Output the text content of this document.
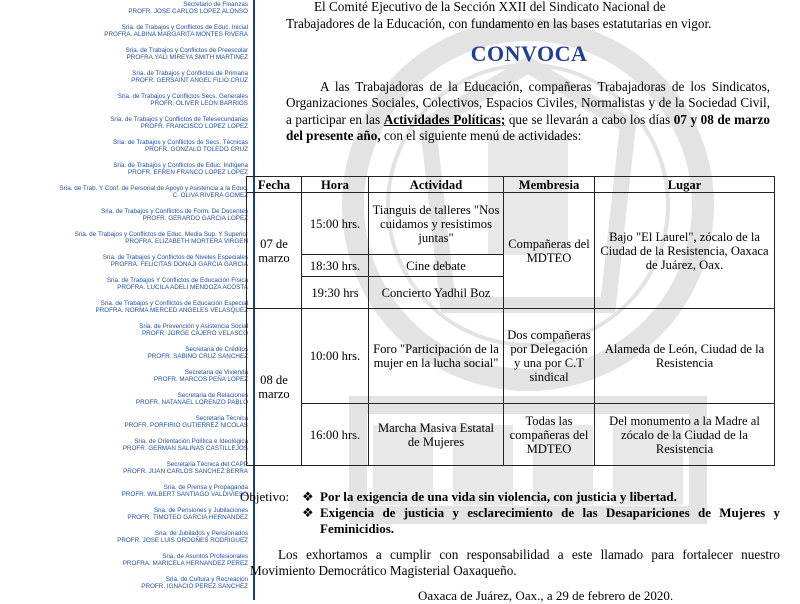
Secretario de Finanzas
PROFR. JOSE CARLOS LOPEZ ALONSO
Sria. de Trabajos y Conflictos de Educ. Inicial
PROFRA. ALBINA MARGARITA MONTES RIVERA
Sria. de Trabajos y Conflictos de Preescolar
PROFRA.YALI MIREYA SMITH MARTINEZ
Sria. de Trabajos y Conflictos de Primaria
PROFR. GERSAINT ANGEL FILIO CRUZ
Sria. de Trabajos y Conflictos Secs. Generales
PROFR. OLIVER LEON BARRIOS
Sria. de Trabajos y Conflictos de Telesecundarias
PROFR. FRANCISCO LOPEZ LOPEZ
Sria. de Trabajos y Conflictos de Secs. Técnicas
PROFR. GONZALO TOLEDO CRUZ
Sria. de Trabajos y Conflictos de Educ. Indígena
PROFR. EFREN FRANCO LOPEZ LOPEZ
Sria. de Trab. Y Conf. de Personal de Apoyo y Asistencia a la Educ.
C. OLIVA RIVERA GOMEZ
Sria. de Trabajos y Conflictos de Form. De Docentes
PROFR. GERARDO GARCIA LOPEZ
Sria. de Trabajos y Conflictos de Educ. Media Sup. Y Superior
PROFRA. ELIZABETH MORTERA VIRGEN
Sria. de Trabajos y Conflictos de Niveles Especiales
PROFRA. FELICITAS DONAJI GARCIA GARCIA
Sria. de Trabajos Y Conflictos de Educación Física
PROFRA. LUCILA ADELI MENDOZA ACOSTA
Sria. de Trabajos y Conflictos de Educación Especial
PROFRA. NORMA MERCED ANGELES VELASQUEZ
Sria. de Prevención y Asistencia Social
PROFR. JORGE CAJERO VELASCO
Secretaria de Créditos
PROFR. SABINO CRUZ SANCHEZ
Secretaria de Vivienda
PROFR. MARCOS PEÑA LOPEZ
Secretaria de Relaciones
PROFR. NATANAEL LORENZO PABLO
Secretaria Técnica
PROFR. PORFIRIO GUTIERREZ NICOLAS
Sria. de Orientación Política e Ideológica
PROFR. GERMAN SALINAS CASTILLEJOS
Secretaria Técnica del CAPP
PROFR. JUAN CARLOS SANCHEZ BERRA
Sria. de Prensa y Propaganda
PROFR. WILBERT SANTIAGO VALDIVIESO
Sria. de Pensiones y Jubilaciones
PROFR. TIMOTEO GARCIA HERNANDEZ
Sria. de Jubilados y Pensionados
PROFR. JOSE LUIS ORDOÑES RODRIGUEZ
Sria. de Asuntos Profesionales
PROFRA. MARICELA HERNANDEZ PEREZ
Sria. de Cultura y Recreación
PROFR. IGNACIO PEREZ SANCHEZ

El Comité Ejecutivo de la Sección XXII del Sindicato Nacional de

Trabajadores de la Educación, con fundamento en las bases estatutarias en vigor.
CONVOCA

A las Trabajadoras de la Educación, compañeras Trabajadoras de los Sindicatos, Organizaciones Sociales, Colectivos, Espacios Civiles, Normalistas y de la Sociedad Civil, a participar en las Actividades Políticas; que se llevarán a cabo los días 07 y 08 de marzo del presente año, con el siguiente menú de actividades:

Fecha	Hora	Actividad	Membresia	Lugar
07 de marzo	15:00 hrs.	Tianguis de talleres "Nos cuidamos y resistimos juntas"	Compañeras del MDTEO	Bajo "El Laurel", zócalo de la Ciudad de la Resistencia, Oaxaca de Juárez, Oax.
	18:30 hrs.	Cine debate		
	19:30 hrs	Concierto Yadhil Boz		
08 de marzo	10:00 hrs.	Foro "Participación de la mujer en la lucha social"	Dos compañeras por Delegación y una por C.T sindical	Alameda de León, Ciudad de la Resistencia
	16:00 hrs.	Marcha Masiva Estatal de Mujeres	Todas las compañeras del MDTEO	Del monumento a la Madre al zócalo de la Ciudad de la Resistencia
Objetivo: ❖ Por la exigencia de una vida sin violencia, con justicia y libertad.
❖ Exigencia de justicia y esclarecimiento de las Desapariciones de Mujeres y Feminicidios.

Los exhortamos a cumplir con responsabilidad a este llamado para fortalecer nuestro Movimiento Democrático Magisterial Oaxaqueño.

Oaxaca de Juárez, Oax., a 29 de febrero de 2020.
